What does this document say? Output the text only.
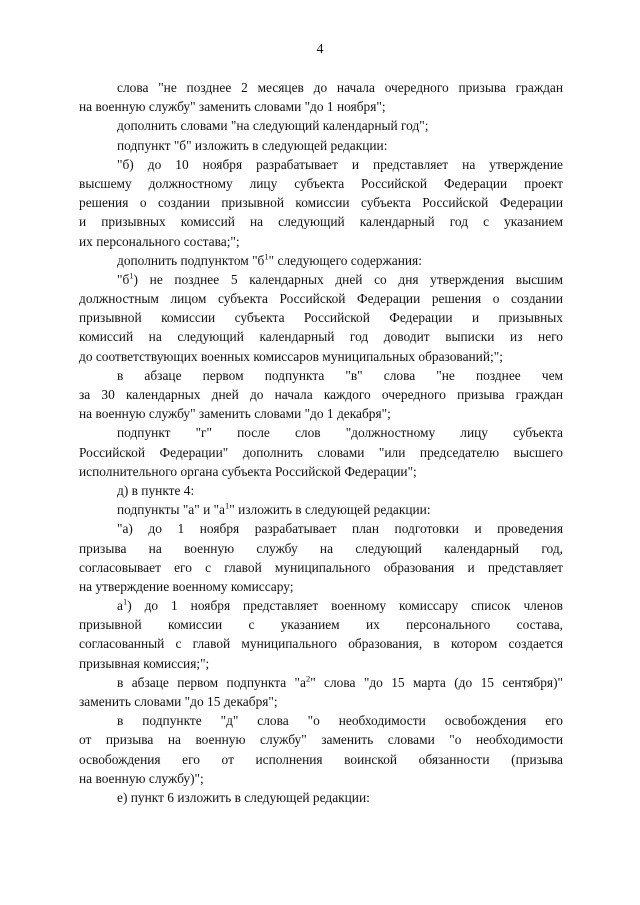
4
слова "не позднее 2 месяцев до начала очередного призыва граждан
на военную службу" заменить словами "до 1 ноября";
дополнить словами "на следующий календарный год";
подпункт "б" изложить в следующей редакции:
"б) до 10 ноября разрабатывает и представляет на утверждение
высшему должностному лицу субъекта Российской Федерации проект
решения о создании призывной комиссии субъекта Российской Федерации
и призывных комиссий на следующий календарный год с указанием
их персонального состава;";
дополнить подпунктом "$б^1$" следующего содержания:
"$б^1$) не позднее 5 календарных дней со дня утверждения высшим
должностным лицом субъекта Российской Федерации решения о создании
призывной комиссии субъекта Российской Федерации и призывных
комиссий на следующий календарный год доводит выписки из него
до соответствующих военных комиссаров муниципальных образований;";
в абзаце первом подпункта "в" слова "не позднее чем
за 30 календарных дней до начала каждого очередного призыва граждан
на военную службу" заменить словами "до 1 декабря";
подпункт "г" после слов "должностному лицу субъекта
Российской Федерации" дополнить словами "или председателю высшего
исполнительного органа субъекта Российской Федерации";
д) в пункте 4:
подпункты "а" и "$а^1$" изложить в следующей редакции:
"а) до 1 ноября разрабатывает план подготовки и проведения
призыва на военную службу на следующий календарный год,
согласовывает его с главой муниципального образования и представляет
на утверждение военному комиссару;
$а^1$) до 1 ноября представляет военному комиссару список членов
призывной комиссии с указанием их персонального состава,
согласованный с главой муниципального образования, в котором создается
призывная комиссия;";
в абзаце первом подпункта "$а^2$" слова "до 15 марта (до 15 сентября)"
заменить словами "до 15 декабря";
в подпункте "д" слова "о необходимости освобождения его
от призыва на военную службу" заменить словами "о необходимости
освобождения его от исполнения воинской обязанности (призыва
на военную службу)";
е) пункт 6 изложить в следующей редакции:
